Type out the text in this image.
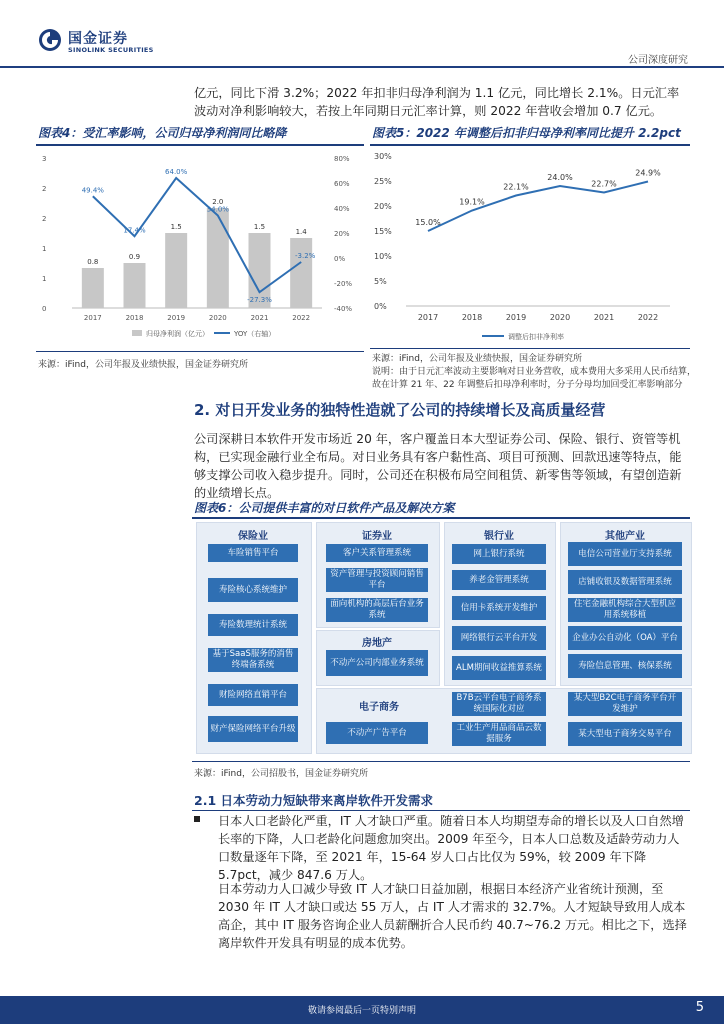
国金证券
SINOLINK SECURITIES
公司深度研究
亿元，同比下滑 3.2%；2022 年扣非归母净利润为 1.1 亿元，同比增长 2.1%。日元汇率波动对净利影响较大，若按上年同期日元汇率计算，则 2022 年营收会增加 0.7 亿元。
图表4：受汇率影响，公司归母净利润同比略降
0
1
1
2
2
3
-40%
-20%
0%
20%
40%
60%
80%
0.8
0.9
1.5
2.0
1.5
1.4
49.4%
17.4%
64.0%
34.0%
-27.3%
-3.2%
2017	2018	2019	2020	2021	2022
归母净利润（亿元）	YOY（右轴）
来源：iFind，公司年报及业绩快报，国金证券研究所
图表5：2022 年调整后扣非归母净利率同比提升 2.2pct
0%
5%
10%
15%
20%
25%
30%
15.0%
19.1%
22.1%
24.0%
22.7%
24.9%
2017	2018	2019	2020	2021	2022
调整后扣非净利率
来源：iFind，公司年报及业绩快报，国金证券研究所
说明：由于日元汇率波动主要影响对日业务营收，成本费用大多采用人民币结算，
故在计算 21 年、22 年调整后扣母净利率时，分子分母均加回受汇率影响部分
2. 对日开发业务的独特性造就了公司的持续增长及高质量经营
公司深耕日本软件开发市场近 20 年，客户覆盖日本大型证券公司、保险、银行、资管等机构，已实现金融行业全布局。对日业务具有客户黏性高、项目可预测、回款迅速等特点，能够支撑公司收入稳步提升。同时，公司还在积极布局空间租赁、新零售等领域，有望创造新的业绩增长点。
图表6：公司提供丰富的对日软件产品及解决方案
保险业
车险销售平台
寿险核心系统维护
寿险数理统计系统
基于SaaS服务的消售终端备系统
财险网络直销平台
财产保险网络平台升级
证券业
客户关系管理系统
资产管理与投资顾问销售平台
面向机构的高层后台业务系统
银行业
网上银行系统
养老金管理系统
信用卡系统开发维护
网络银行云平台开发
ALM期间收益推算系统
其他产业
电信公司营业厅支持系统
店铺收银及数据管理系统
住宅金融机构综合大型机应用系统移植
企业办公自动化（OA）平台
寿险信息管理、核保系统
房地产
不动产公司内部业务系统
电子商务
B7B云平台电子商务系统国际化对应
工业生产用品商品云数据服务
不动产广告平台
某大型B2C电子商务平台开发维护
某大型电子商务交易平台
来源：iFind，公司招股书，国金证券研究所
2.1 日本劳动力短缺带来离岸软件开发需求
日本人口老龄化严重，IT 人才缺口严重。随着日本人均期望寿命的增长以及人口自然增长率的下降，人口老龄化问题愈加突出。2009 年至今，日本人口总数及适龄劳动力人口数量逐年下降，至 2021 年，15-64 岁人口占比仅为 59%，较 2009 年下降 5.7pct，减少 847.6 万人。
日本劳动力人口减少导致 IT 人才缺口日益加剧，根据日本经济产业省统计预测，至 2030 年 IT 人才缺口或达 55 万人，占 IT 人才需求的 32.7%。人才短缺导致用人成本高企，其中 IT 服务咨询企业人员薪酬折合人民币约 40.7~76.2 万元。相比之下，选择离岸软件开发具有明显的成本优势。
敬请参阅最后一页特别声明	5
